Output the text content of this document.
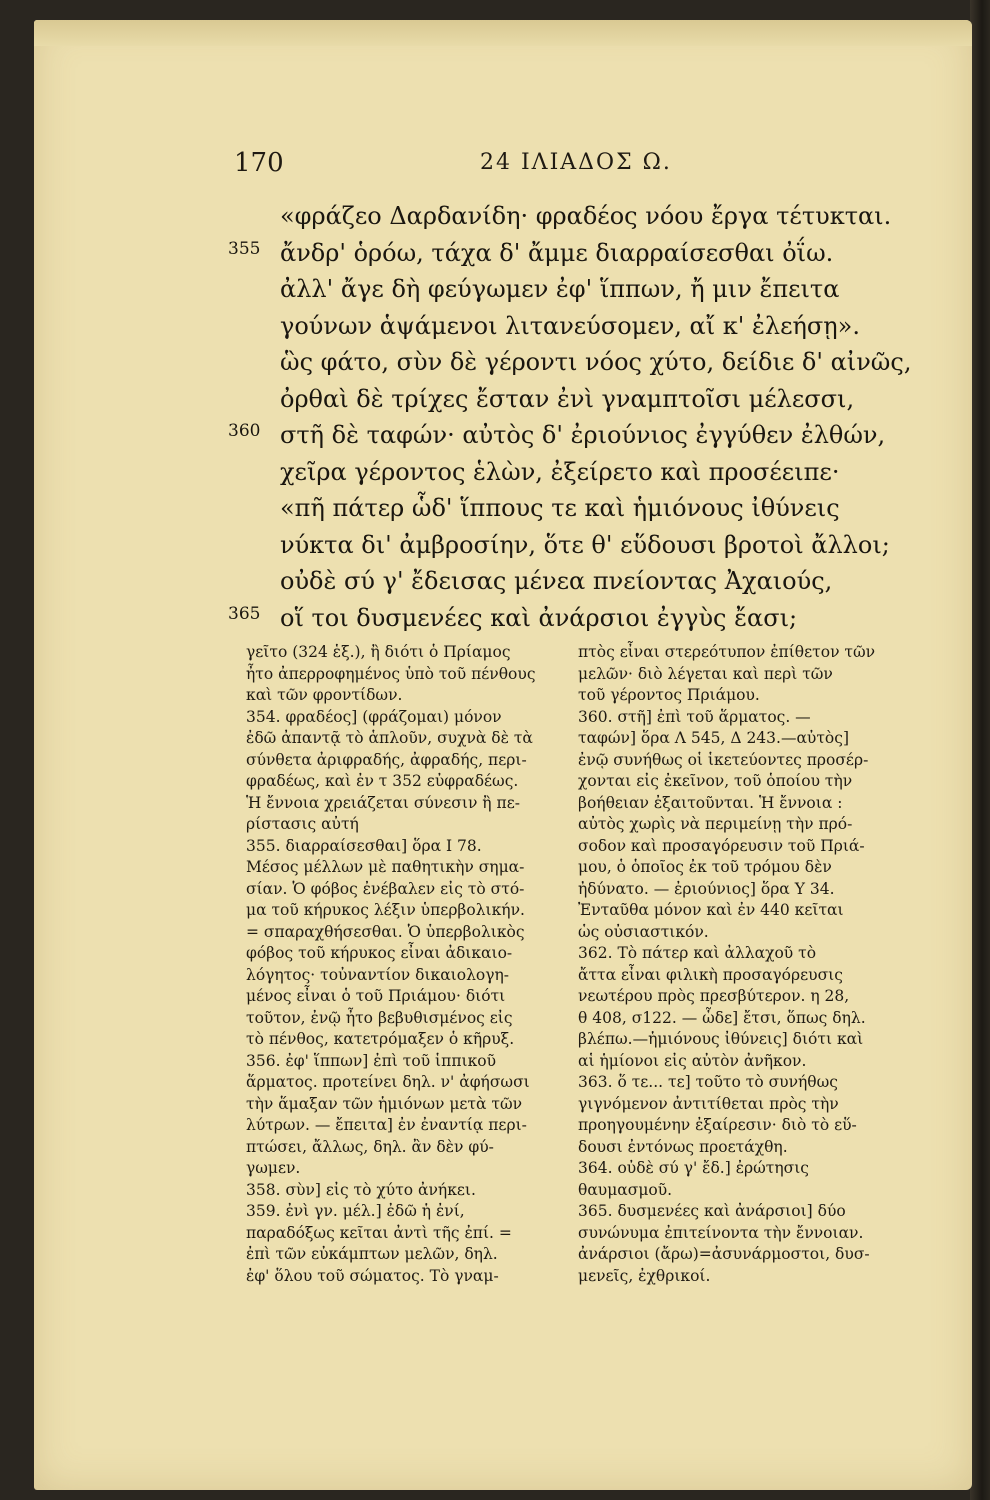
170	24 ΙΛΙΑΔΟΣ Ω.
«φράζεο Δαρδανίδη· φραδέος νόου ἔργα τέτυκται.
355 ἄνδρ' ὁρόω, τάχα δ' ἄμμε διαρραίσεσθαι ὀΐω.
ἀλλ' ἄγε δὴ φεύγωμεν ἐφ' ἵππων, ἤ μιν ἔπειτα
γούνων ἁψάμενοι λιτανεύσομεν, αἴ κ' ἐλεήσῃ».
ὣς φάτο, σὺν δὲ γέροντι νόος χύτο, δείδιε δ' αἰνῶς,
ὀρθαὶ δὲ τρίχες ἔσταν ἐνὶ γναμπτοῖσι μέλεσσι,
360 στῆ δὲ ταφών· αὐτὸς δ' ἐριούνιος ἐγγύθεν ἐλθών,
χεῖρα γέροντος ἑλὼν, ἐξείρετο καὶ προσέειπε·
«πῆ πάτερ ὧδ' ἵππους τε καὶ ἡμιόνους ἰθύνεις
νύκτα δι' ἀμβροσίην, ὅτε θ' εὕδουσι βροτοὶ ἄλλοι;
οὐδὲ σύ γ' ἔδεισας μένεα πνείοντας Ἀχαιούς,
365 οἵ τοι δυσμενέες καὶ ἀνάρσιοι ἐγγὺς ἔασι;
γεῖτο (324 ἑξ.), ἢ διότι ὁ Πρίαμος
ἦτο ἀπερροφημένος ὑπὸ τοῦ πένθους
καὶ τῶν φροντίδων.
354. φραδέος] (φράζομαι) μόνον
ἐδῶ ἀπαντᾷ τὸ ἁπλοῦν, συχνὰ δὲ τὰ
σύνθετα ἀριφραδής, ἀφραδής, περι-
φραδέως, καὶ ἐν τ 352 εὐφραδέως.
Ἡ ἔννοια χρειάζεται σύνεσιν ἢ πε-
ρίστασις αὐτή
355. διαρραίσεσθαι] ὅρα Ι 78.
Μέσος μέλλων μὲ παθητικὴν σημα-
σίαν. Ὁ φόβος ἐνέβαλεν εἰς τὸ στό-
μα τοῦ κήρυκος λέξιν ὑπερβολικήν.
= σπαραχθήσεσθαι. Ὁ ὑπερβολικὸς
φόβος τοῦ κήρυκος εἶναι ἀδικαιο-
λόγητος· τοὐναντίον δικαιολογη-
μένος εἶναι ὁ τοῦ Πριάμου· διότι
τοῦτον, ἐνῷ ἦτο βεβυθισμένος εἰς
τὸ πένθος, κατετρόμαξεν ὁ κῆρυξ.
356. ἐφ' ἵππων] ἐπὶ τοῦ ἱππικοῦ
ἅρματος. προτείνει δηλ. ν' ἀφήσωσι
τὴν ἅμαξαν τῶν ἡμιόνων μετὰ τῶν
λύτρων. — ἔπειτα] ἐν ἐναντίᾳ περι-
πτώσει, ἄλλως, δηλ. ἂν δὲν φύ-
γωμεν.
358. σὺν] εἰς τὸ χύτο ἀνήκει.
359. ἐνὶ γν. μέλ.] ἐδῶ ἡ ἐνί,
παραδόξως κεῖται ἀντὶ τῆς ἐπί. =
ἐπὶ τῶν εὐκάμπτων μελῶν, δηλ.
ἐφ' ὅλου τοῦ σώματος. Τὸ γναμ-
πτὸς εἶναι στερεότυπον ἐπίθετον τῶν
μελῶν· διὸ λέγεται καὶ περὶ τῶν
τοῦ γέροντος Πριάμου.
360. στῆ] ἐπὶ τοῦ ἅρματος. —
ταφών] ὅρα Λ 545, Δ 243.—αὐτὸς]
ἐνῷ συνήθως οἱ ἱκετεύοντες προσέρ-
χονται εἰς ἐκεῖνον, τοῦ ὁποίου τὴν
βοήθειαν ἐξαιτοῦνται. Ἡ ἔννοια :
αὐτὸς χωρὶς νὰ περιμείνῃ τὴν πρό-
σοδον καὶ προσαγόρευσιν τοῦ Πριά-
μου, ὁ ὁποῖος ἐκ τοῦ τρόμου δὲν
ἠδύνατο. — ἐριούνιος] ὅρα Υ 34.
Ἐνταῦθα μόνον καὶ ἐν 440 κεῖται
ὡς οὐσιαστικόν.
362. Τὸ πάτερ καὶ ἀλλαχοῦ τὸ
ἄττα εἶναι φιλικὴ προσαγόρευσις
νεωτέρου πρὸς πρεσβύτερον. η 28,
θ 408, σ122. — ὧδε] ἔτσι, ὅπως δηλ.
βλέπω.—ἡμιόνους ἰθύνεις] διότι καὶ
αἱ ἡμίονοι εἰς αὐτὸν ἀνῆκον.
363. ὅ τε... τε] τοῦτο τὸ συνήθως
γιγνόμενον ἀντιτίθεται πρὸς τὴν
προηγουμένην ἐξαίρεσιν· διὸ τὸ εὕ-
δουσι ἐντόνως προετάχθη.
364. οὐδὲ σύ γ' ἔδ.] ἐρώτησις
θαυμασμοῦ.
365. δυσμενέες καὶ ἀνάρσιοι] δύο
συνώνυμα ἐπιτείνοντα τὴν ἔννοιαν.
ἀνάρσιοι (ἄρω)=ἀσυνάρμοστοι, δυσ-
μενεῖς, ἐχθρικοί.
